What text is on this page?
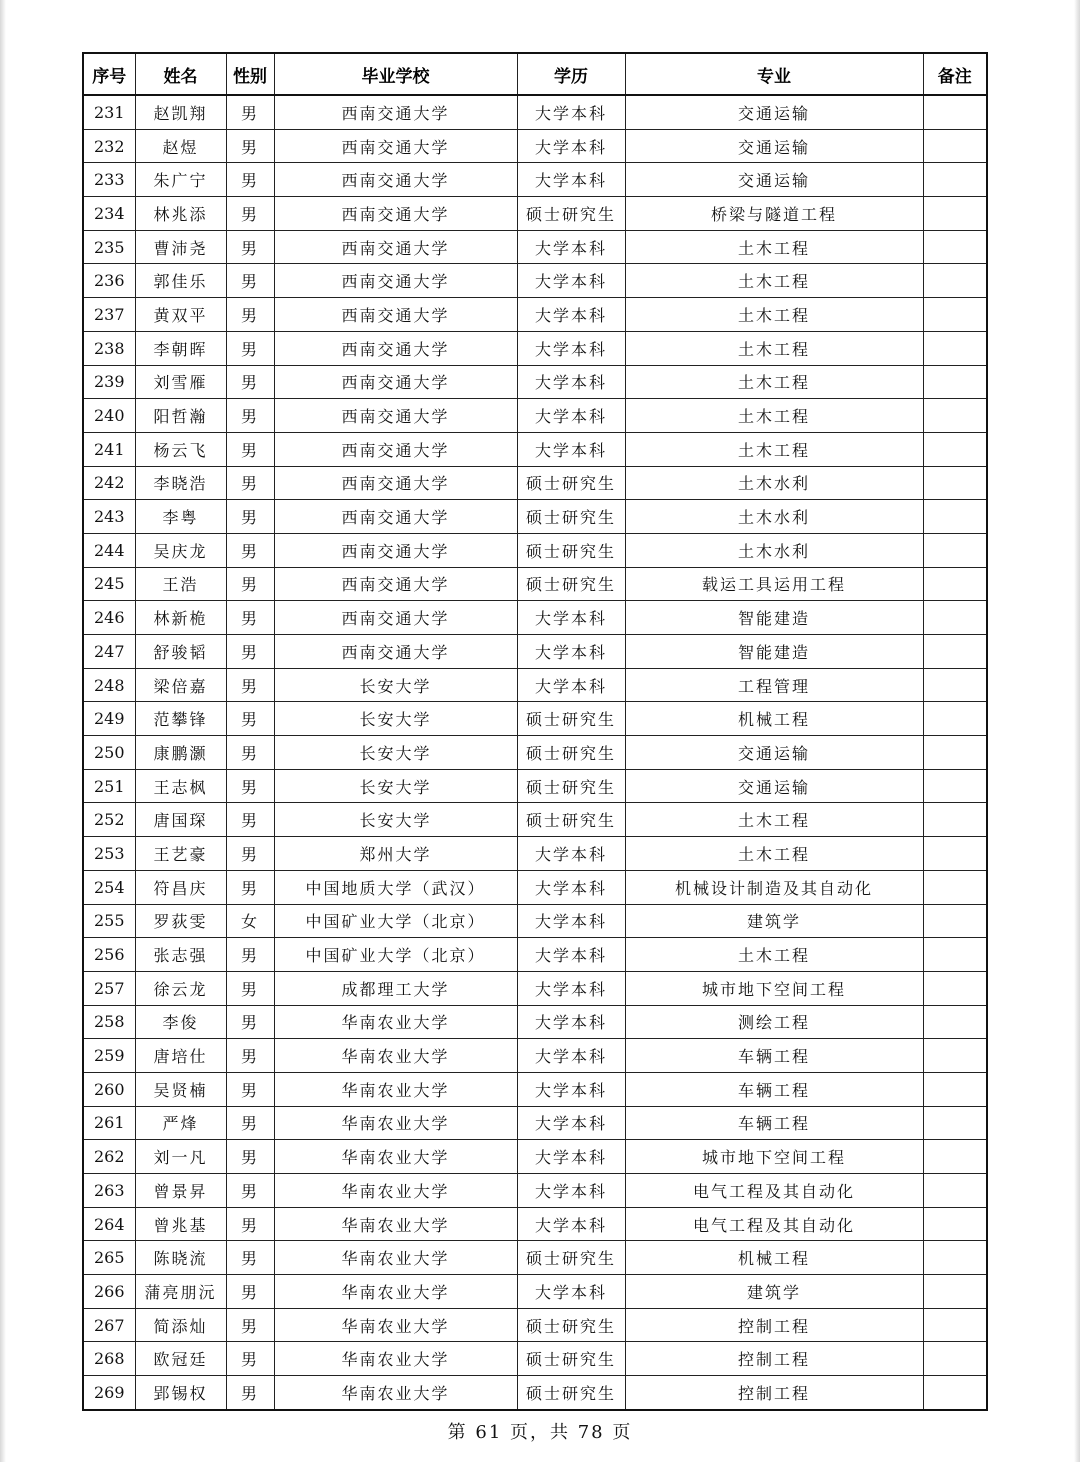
序号	姓名	性别	毕业学校	学历	专业	备注
231	赵凯翔	男	西南交通大学	大学本科	交通运输	
232	赵煜	男	西南交通大学	大学本科	交通运输	
233	朱广宁	男	西南交通大学	大学本科	交通运输	
234	林兆添	男	西南交通大学	硕士研究生	桥梁与隧道工程	
235	曹沛尧	男	西南交通大学	大学本科	土木工程	
236	郭佳乐	男	西南交通大学	大学本科	土木工程	
237	黄双平	男	西南交通大学	大学本科	土木工程	
238	李朝晖	男	西南交通大学	大学本科	土木工程	
239	刘雪雁	男	西南交通大学	大学本科	土木工程	
240	阳哲瀚	男	西南交通大学	大学本科	土木工程	
241	杨云飞	男	西南交通大学	大学本科	土木工程	
242	李晓浩	男	西南交通大学	硕士研究生	土木水利	
243	李粤	男	西南交通大学	硕士研究生	土木水利	
244	吴庆龙	男	西南交通大学	硕士研究生	土木水利	
245	王浩	男	西南交通大学	硕士研究生	载运工具运用工程	
246	林新桅	男	西南交通大学	大学本科	智能建造	
247	舒骏韬	男	西南交通大学	大学本科	智能建造	
248	梁倍嘉	男	长安大学	大学本科	工程管理	
249	范攀锋	男	长安大学	硕士研究生	机械工程	
250	康鹏灏	男	长安大学	硕士研究生	交通运输	
251	王志枫	男	长安大学	硕士研究生	交通运输	
252	唐国琛	男	长安大学	硕士研究生	土木工程	
253	王艺豪	男	郑州大学	大学本科	土木工程	
254	符昌庆	男	中国地质大学（武汉）	大学本科	机械设计制造及其自动化	
255	罗荻雯	女	中国矿业大学（北京）	大学本科	建筑学	
256	张志强	男	中国矿业大学（北京）	大学本科	土木工程	
257	徐云龙	男	成都理工大学	大学本科	城市地下空间工程	
258	李俊	男	华南农业大学	大学本科	测绘工程	
259	唐培仕	男	华南农业大学	大学本科	车辆工程	
260	吴贤楠	男	华南农业大学	大学本科	车辆工程	
261	严烽	男	华南农业大学	大学本科	车辆工程	
262	刘一凡	男	华南农业大学	大学本科	城市地下空间工程	
263	曾景昇	男	华南农业大学	大学本科	电气工程及其自动化	
264	曾兆基	男	华南农业大学	大学本科	电气工程及其自动化	
265	陈晓流	男	华南农业大学	硕士研究生	机械工程	
266	蒲亮朋沅	男	华南农业大学	大学本科	建筑学	
267	简添灿	男	华南农业大学	硕士研究生	控制工程	
268	欧冠廷	男	华南农业大学	硕士研究生	控制工程	
269	郢锡权	男	华南农业大学	硕士研究生	控制工程	
第 61 页，共 78 页
